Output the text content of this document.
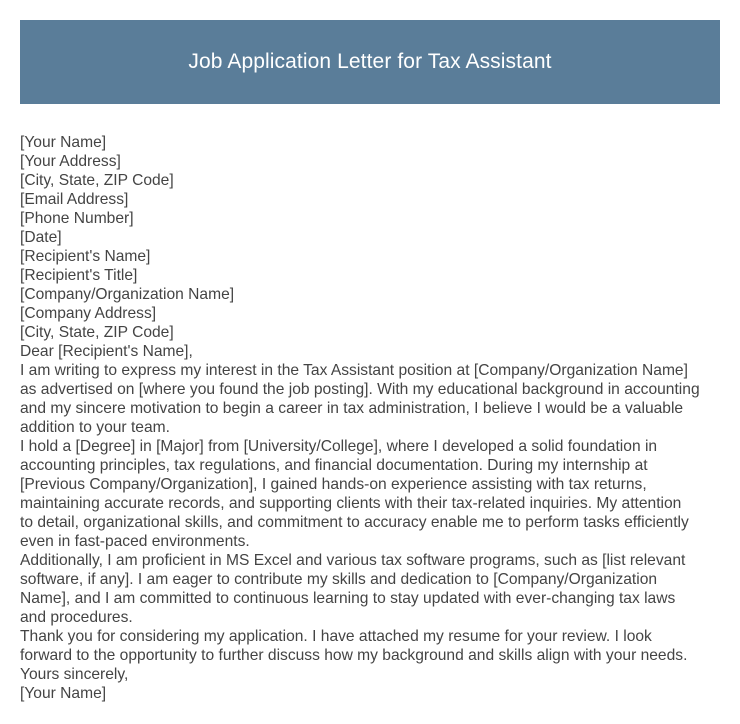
Job Application Letter for Tax Assistant
[Your Name]
[Your Address]
[City, State, ZIP Code]
[Email Address]
[Phone Number]
[Date]
[Recipient's Name]
[Recipient's Title]
[Company/Organization Name]
[Company Address]
[City, State, ZIP Code]
Dear [Recipient's Name],
I am writing to express my interest in the Tax Assistant position at [Company/Organization Name]
as advertised on [where you found the job posting]. With my educational background in accounting
and my sincere motivation to begin a career in tax administration, I believe I would be a valuable
addition to your team.
I hold a [Degree] in [Major] from [University/College], where I developed a solid foundation in
accounting principles, tax regulations, and financial documentation. During my internship at
[Previous Company/Organization], I gained hands-on experience assisting with tax returns,
maintaining accurate records, and supporting clients with their tax-related inquiries. My attention
to detail, organizational skills, and commitment to accuracy enable me to perform tasks efficiently
even in fast-paced environments.
Additionally, I am proficient in MS Excel and various tax software programs, such as [list relevant
software, if any]. I am eager to contribute my skills and dedication to [Company/Organization
Name], and I am committed to continuous learning to stay updated with ever-changing tax laws
and procedures.
Thank you for considering my application. I have attached my resume for your review. I look
forward to the opportunity to further discuss how my background and skills align with your needs.
Yours sincerely,
[Your Name]
